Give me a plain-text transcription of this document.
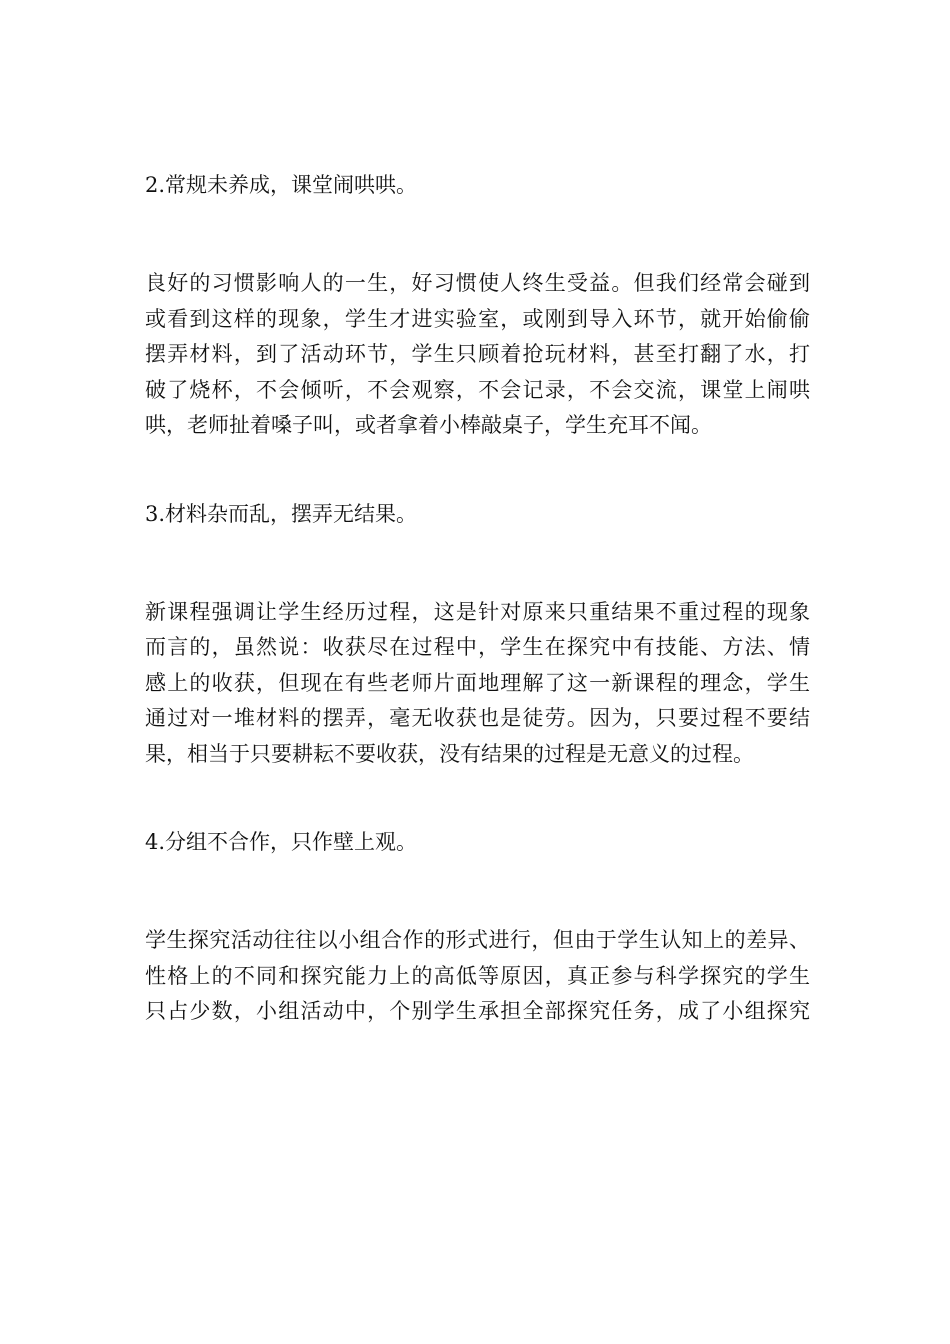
2.常规未养成，课堂闹哄哄。
良好的习惯影响人的一生，好习惯使人终生受益。但我们经常会碰到
或看到这样的现象，学生才进实验室，或刚到导入环节，就开始偷偷
摆弄材料，到了活动环节，学生只顾着抢玩材料，甚至打翻了水，打
破了烧杯，不会倾听，不会观察，不会记录，不会交流，课堂上闹哄
哄，老师扯着嗓子叫，或者拿着小棒敲桌子，学生充耳不闻。
3.材料杂而乱，摆弄无结果。
新课程强调让学生经历过程，这是针对原来只重结果不重过程的现象
而言的，虽然说：收获尽在过程中，学生在探究中有技能、方法、情
感上的收获，但现在有些老师片面地理解了这一新课程的理念，学生
通过对一堆材料的摆弄，毫无收获也是徒劳。因为，只要过程不要结
果，相当于只要耕耘不要收获，没有结果的过程是无意义的过程。
4.分组不合作，只作壁上观。
学生探究活动往往以小组合作的形式进行，但由于学生认知上的差异、
性格上的不同和探究能力上的高低等原因，真正参与科学探究的学生
只占少数，小组活动中，个别学生承担全部探究任务，成了小组探究
